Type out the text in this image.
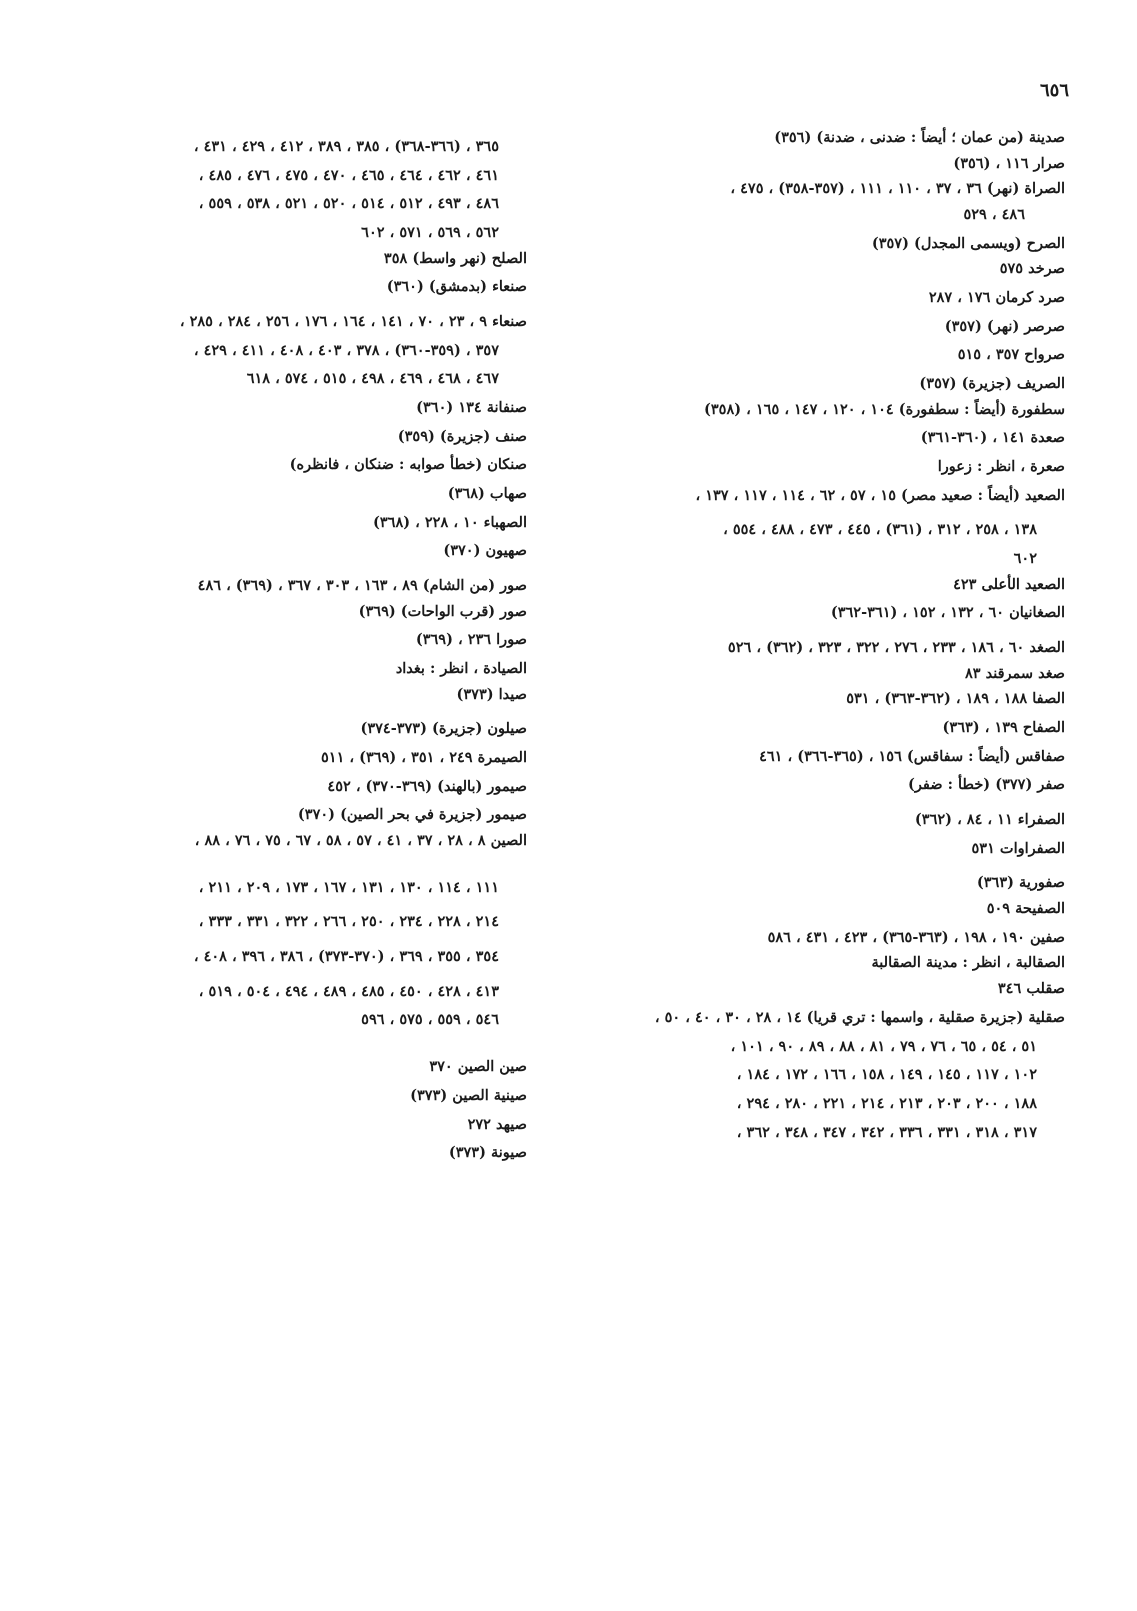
٦٥٦
صدينة (من عمان ؛ أيضاً : ضدنى ، ضدنة) (٣٥٦)
صرار ١١٦ ، (٣٥٦)
الصراة (نهر) ٣٦ ، ٣٧ ، ١١٠ ، ١١١ ، (٣٥٧-٣٥٨) ، ٤٧٥ ،
٤٨٦ ، ٥٢٩
الصرح (ويسمى المجدل) (٣٥٧)
صرخد ٥٧٥
صرد كرمان ١٧٦ ، ٢٨٧
صرصر (نهر) (٣٥٧)
صرواح ٣٥٧ ، ٥١٥
الصريف (جزيرة) (٣٥٧)
سطفورة (أيضاً : سطفورة) ١٠٤ ، ١٢٠ ، ١٤٧ ، ١٦٥ ، (٣٥٨)
صعدة ١٤١ ، (٣٦٠-٣٦١)
صعرة ، انظر : زعورا
الصعيد (أيضاً : صعيد مصر) ١٥ ، ٥٧ ، ٦٢ ، ١١٤ ، ١١٧ ، ١٣٧ ،
١٣٨ ، ٢٥٨ ، ٣١٢ ، (٣٦١) ، ٤٤٥ ، ٤٧٣ ، ٤٨٨ ، ٥٥٤ ،
٦٠٢
الصعيد الأعلى ٤٢٣
الصغانيان ٦٠ ، ١٣٢ ، ١٥٢ ، (٣٦١-٣٦٢)
الصغد ٦٠ ، ١٨٦ ، ٢٣٣ ، ٢٧٦ ، ٣٢٢ ، ٣٢٣ ، (٣٦٢) ، ٥٢٦
صغد سمرقند ٨٣
الصفا ١٨٨ ، ١٨٩ ، (٣٦٢-٣٦٣) ، ٥٣١
الصفاح ١٣٩ ، (٣٦٣)
صفاقس (أيضاً : سفاقس) ١٥٦ ، (٣٦٥-٣٦٦) ، ٤٦١
صفر (٣٧٧) (خطأ : ضفر)
الصفراء ١١ ، ٨٤ ، (٣٦٢)
الصفراوات ٥٣١
صفورية (٣٦٣)
الصفيحة ٥٠٩
صفين ١٩٠ ، ١٩٨ ، (٣٦٣-٣٦٥) ، ٤٢٣ ، ٤٣١ ، ٥٨٦
الصقالبة ، انظر : مدينة الصقالبة
صقلب ٣٤٦
صقلية (جزيرة صقلية ، واسمها : تري قريا) ١٤ ، ٢٨ ، ٣٠ ، ٤٠ ، ٥٠ ،
٥١ ، ٥٤ ، ٦٥ ، ٧٦ ، ٧٩ ، ٨١ ، ٨٨ ، ٨٩ ، ٩٠ ، ١٠١ ،
١٠٢ ، ١١٧ ، ١٤٥ ، ١٤٩ ، ١٥٨ ، ١٦٦ ، ١٧٢ ، ١٨٤ ،
١٨٨ ، ٢٠٠ ، ٢٠٣ ، ٢١٣ ، ٢١٤ ، ٢٢١ ، ٢٨٠ ، ٢٩٤ ،
٣١٧ ، ٣١٨ ، ٣٣١ ، ٣٣٦ ، ٣٤٢ ، ٣٤٧ ، ٣٤٨ ، ٣٦٢ ،
٣٦٥ ، (٣٦٦-٣٦٨) ، ٣٨٥ ، ٣٨٩ ، ٤١٢ ، ٤٢٩ ، ٤٣١ ،
٤٦١ ، ٤٦٢ ، ٤٦٤ ، ٤٦٥ ، ٤٧٠ ، ٤٧٥ ، ٤٧٦ ، ٤٨٥ ،
٤٨٦ ، ٤٩٣ ، ٥١٢ ، ٥١٤ ، ٥٢٠ ، ٥٢١ ، ٥٣٨ ، ٥٥٩ ،
٥٦٢ ، ٥٦٩ ، ٥٧١ ، ٦٠٢
الصلح (نهر واسط) ٣٥٨
صنعاء (بدمشق) (٣٦٠)
صنعاء ٩ ، ٢٣ ، ٧٠ ، ١٤١ ، ١٦٤ ، ١٧٦ ، ٢٥٦ ، ٢٨٤ ، ٢٨٥ ،
٣٥٧ ، (٣٥٩-٣٦٠) ، ٣٧٨ ، ٤٠٣ ، ٤٠٨ ، ٤١١ ، ٤٢٩ ،
٤٦٧ ، ٤٦٨ ، ٤٦٩ ، ٤٩٨ ، ٥١٥ ، ٥٧٤ ، ٦١٨
صنفانة ١٣٤ (٣٦٠)
صنف (جزيرة) (٣٥٩)
صنكان (خطأ صوابه : ضنكان ، فانظره)
صهاب (٣٦٨)
الصهباء ١٠ ، ٢٢٨ ، (٣٦٨)
صهيون (٣٧٠)
صور (من الشام) ٨٩ ، ١٦٣ ، ٣٠٣ ، ٣٦٧ ، (٣٦٩) ، ٤٨٦
صور (قرب الواحات) (٣٦٩)
صورا ٢٣٦ ، (٣٦٩)
الصيادة ، انظر : بغداد
صيدا (٣٧٣)
صيلون (جزيرة) (٣٧٣-٣٧٤)
الصيمرة ٢٤٩ ، ٣٥١ ، (٣٦٩) ، ٥١١
صيمور (بالهند) (٣٦٩-٣٧٠) ، ٤٥٢
صيمور (جزيرة في بحر الصين) (٣٧٠)
الصين ٨ ، ٢٨ ، ٣٧ ، ٤١ ، ٥٧ ، ٥٨ ، ٦٧ ، ٧٥ ، ٧٦ ، ٨٨ ،
١١١ ، ١١٤ ، ١٣٠ ، ١٣١ ، ١٦٧ ، ١٧٣ ، ٢٠٩ ، ٢١١ ،
٢١٤ ، ٢٢٨ ، ٢٣٤ ، ٢٥٠ ، ٢٦٦ ، ٣٢٢ ، ٣٣١ ، ٣٣٣ ،
٣٥٤ ، ٣٥٥ ، ٣٦٩ ، (٣٧٠-٣٧٣) ، ٣٨٦ ، ٣٩٦ ، ٤٠٨ ،
٤١٣ ، ٤٢٨ ، ٤٥٠ ، ٤٨٥ ، ٤٨٩ ، ٤٩٤ ، ٥٠٤ ، ٥١٩ ،
٥٤٦ ، ٥٥٩ ، ٥٧٥ ، ٥٩٦
صين الصين ٣٧٠
صينية الصين (٣٧٣)
صيهد ٢٧٢
صيونة (٣٧٣)
